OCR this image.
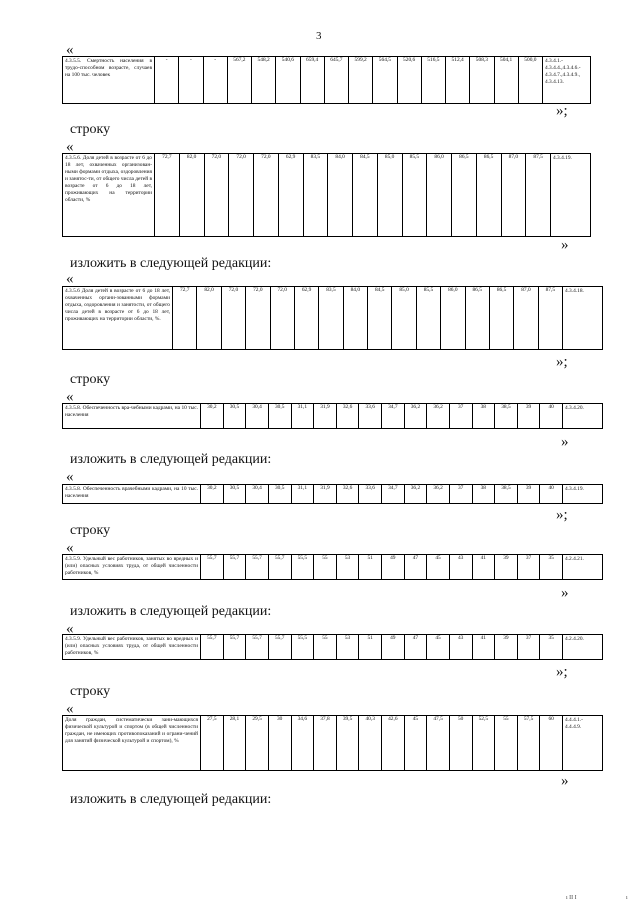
3
«
4.3.5.5. Смертность населения в трудо-способном возрасте, случаев на 100 тыс. человек	-	-	-	567,2	548,2	540,6	659,4	645,7	599,2	564,5	520,6	516,5	512,4	508,3	504,1	500,0	4.3.4.1.- 4.3.4.4.,4.3.4.6.- 4.3.4.7.,4.3.4.9., 4.3.4.13.
»;
строку
«
4.3.5.6. Доля детей в возрасте от 6 до 18 лет, охваченных организован-ными формами отдыха, оздоровления и занятос-ти, от общего числа детей в возрасте от 6 до 18 лет, проживающих на территории области, %	72,7	82,0	72,0	72,0	72,0	62,9	83,5	84,0	84,5	85,0	85,5	86,0	86,5	86,5	87,0	87,5	4.3.4.19.
»
изложить в следующей редакции:
«
4.3.5.6 Доля детей в возрасте от 6 до 18 лет, охваченных органи-зованными формами отдыха, оздоровления и занятости, от общего числа детей в возрасте от 6 до 18 лет, проживающих на территории области, %.	72,7	82,0	72,0	72,0	72,0	62,9	83,5	84,0	84,5	85,0	85,5	86,0	86,5	86,5	87,0	87,5	4.3.4.18.
»;
строку
«
4.3.5.8. Обеспеченность вра-чебными кадрами, на 10 тыс. населения	30,2	30,5	30,4	30,5	31,1	31,9	32,6	33,6	34,7	36,2	36,2	37	38	38,5	39	40	4.3.4.20.
»
изложить в следующей редакции:
«
4.3.5.8. Обеспеченность врачебными кадрами, на 10 тыс. населения	30,2	30,5	30,4	30,5	31,1	31,9	32,6	33,6	34,7	36,2	36,2	37	38	38,5	39	40	4.3.4.19.
»;
строку
«
4.3.5.9. Удельный вес работников, занятых во вредных и (или) опасных условиях труда, от общей численности работников, %	55,7	55,7	55,7	55,7	55,5	55	53	51	49	47	45	43	41	39	37	35	4.2.4.21.
»
изложить в следующей редакции:
«
4.3.5.9. Удельный вес работников, занятых во вредных и (или) опасных условиях труда, от общей численности работников, %	55,7	55,7	55,7	55,7	55,5	55	53	51	49	47	45	43	41	39	37	35	4.2.4.20.
»;
строку
«
Доля граждан, систематически зани-мающихся физической культурой и спортом (в общей численности граждан, не имеющих противопоказаний и ограни-чений для занятий физической культурой и спортом), %	27,5	28,1	29,5	30	34,6	37,8	39,5	40,3	42,6	45	47,5	50	52,5	55	57,5	60	4.4.4.1.- 4.4.4.9.
»
изложить в следующей редакции:
ı II I	ı
